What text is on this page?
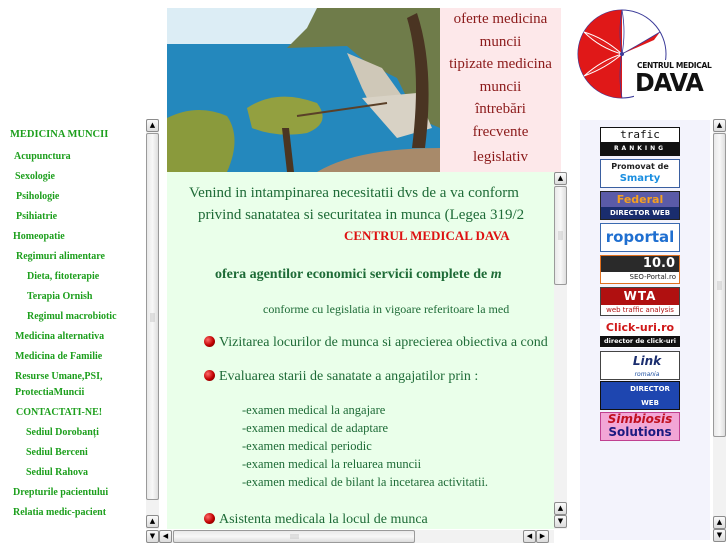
MEDICINA MUNCII
Acupunctura
Sexologie
Psihologie
Psihiatrie
Homeopatie
Regimuri alimentare
Dieta, fitoterapie
Terapia Ornish
Regimul macrobiotic
Medicina alternativa
Medicina de Familie
Resurse Umane,PSI,
ProtectiaMuncii
CONTACTATI-NE!
Sediul Dorobanți
Sediul Berceni
Sediul Rahova
Drepturile pacientului
Relatia medic-pacient
▲
▲
▼
oferte medicina
muncii
tipizate medicina
muncii
întrebări
frecvente
legislativ
CENTRUL MEDICAL
DAVA
Venind in intampinarea necesitatii dvs de a va conform
privind sanatatea si securitatea in munca (Legea 319/2
CENTRUL MEDICAL DAVA
ofera agentilor economici servicii complete de m
conforme cu legislatia in vigoare referitoare la med
Vizitarea locurilor de munca si aprecierea obiectiva a cond
Evaluarea starii de sanatate a angajatilor prin :
-examen medical la angajare
-examen medical de adaptare
-examen medical periodic
-examen medical la reluarea muncii
-examen medical de bilant la incetarea activitatii.
Asistenta medicala la locul de munca
▲
▲
▼
◀	◀	▶
trafic
RANKING
Promovat de
Smarty
Federal
DIRECTOR WEB
roportal
10.0
SEO-Portal.ro
WTA
web traffic analysis
Click-uri.ro
director de click-uri
Link
romania
DIRECTOR WEB
Simbiosis
Solutions
▲
▲
▼
